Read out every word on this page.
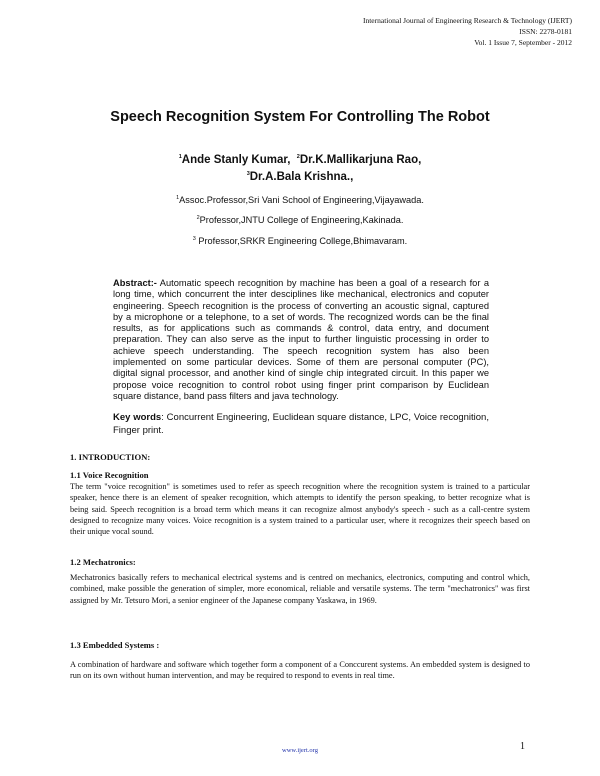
International Journal of Engineering Research & Technology (IJERT)
ISSN: 2278-0181
Vol. 1 Issue 7, September - 2012
Speech Recognition System For Controlling The Robot
$^1$Ande Stanly Kumar, $^2$Dr.K.Mallikarjuna Rao,
$^3$Dr.A.Bala Krishna.,
$^1$Assoc.Professor,Sri Vani School of Engineering,Vijayawada.
$^2$Professor,JNTU College of Engineering,Kakinada.
$^3$ Professor,SRKR Engineering College,Bhimavaram.
Abstract:- Automatic speech recognition by machine has been a goal of a research for a long time, which concurrent the inter desciplines like mechanical, electronics and coputer engineering. Speech recognition is the process of converting an acoustic signal, captured by a microphone or a telephone, to a set of words. The recognized words can be the final results, as for applications such as commands & control, data entry, and document preparation. They can also serve as the input to further linguistic processing in order to achieve speech understanding. The speech recognition system has also been implemented on some particular devices. Some of them are personal computer (PC), digital signal processor, and another kind of single chip integrated circuit. In this paper we propose voice recognition to control robot using finger print comparison by Euclidean square distance, band pass filters and java technology.
Key words: Concurrent Engineering, Euclidean square distance, LPC, Voice recognition, Finger print.
1. INTRODUCTION:
1.1 Voice Recognition
The term "voice recognition" is sometimes used to refer as speech recognition where the recognition system is trained to a particular speaker, hence there is an element of speaker recognition, which attempts to identify the person speaking, to better recognize what is being said. Speech recognition is a broad term which means it can recognize almost anybody's speech - such as a call-centre system designed to recognize many voices. Voice recognition is a system trained to a particular user, where it recognizes their speech based on their unique vocal sound.
1.2 Mechatronics:
Mechatronics basically refers to mechanical electrical systems and is centred on mechanics, electronics, computing and control which, combined, make possible the generation of simpler, more economical, reliable and versatile systems. The term "mechatronics" was first assigned by Mr. Tetsuro Mori, a senior engineer of the Japanese company Yaskawa, in 1969.
1.3 Embedded Systems :
A combination of hardware and software which together form a component of a Conccurent systems. An embedded system is designed to run on its own without human intervention, and may be required to respond to events in real time.
www.ijert.org	1
